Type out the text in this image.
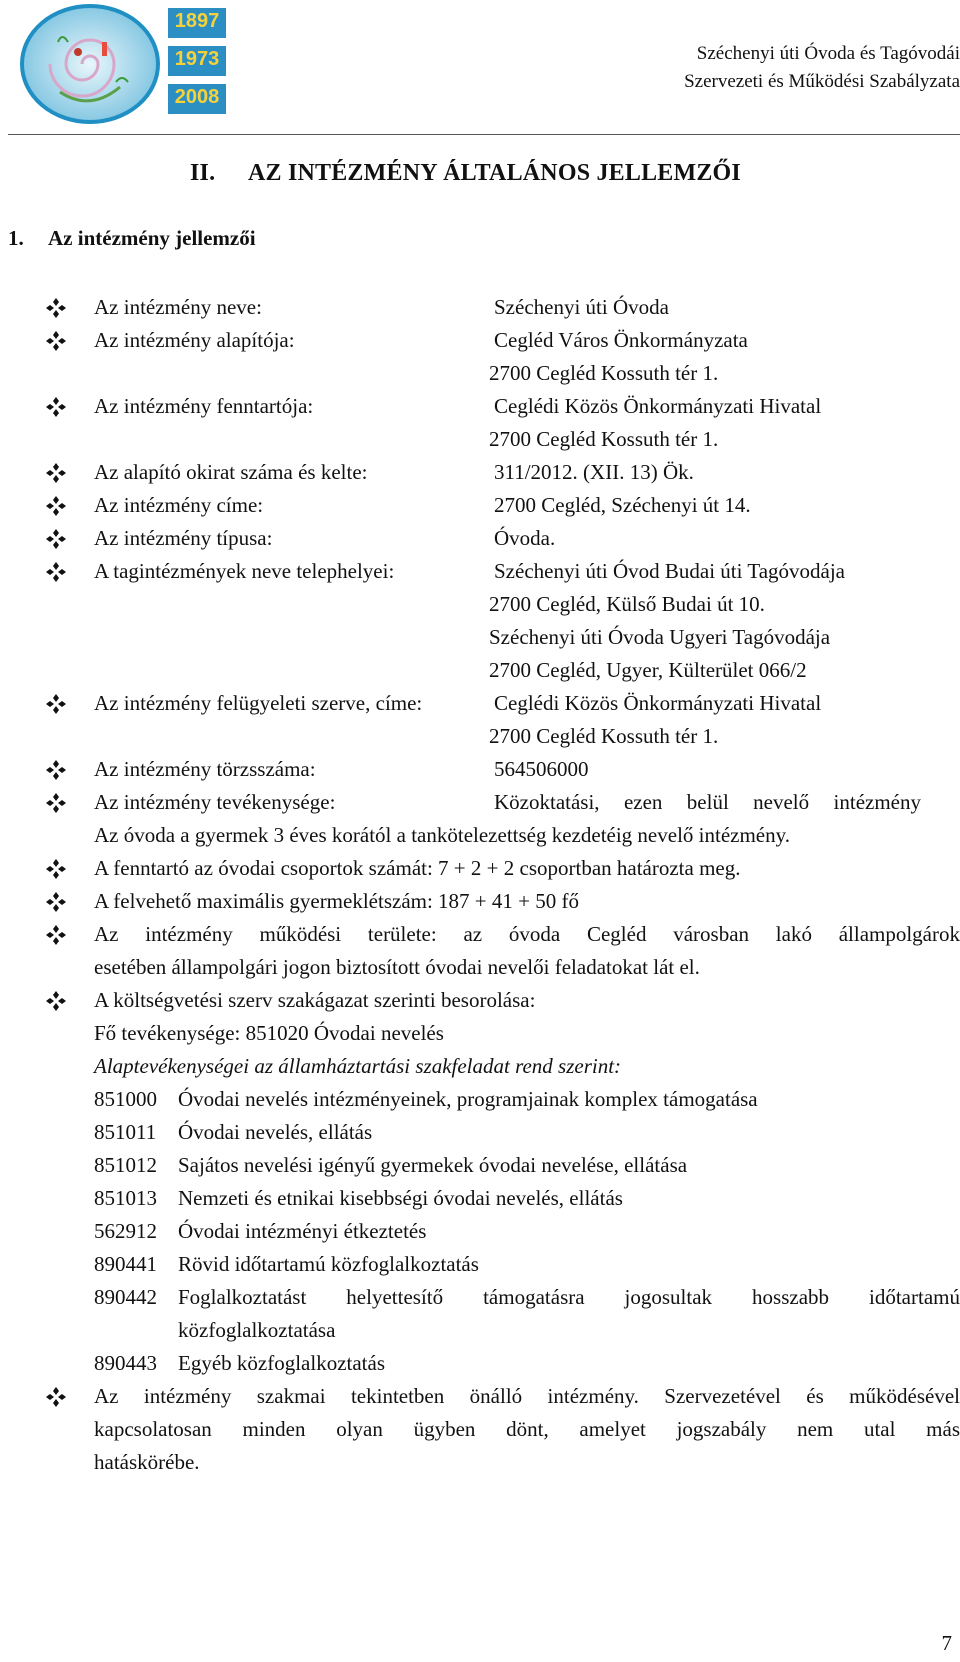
1897
1973
2008
Széchenyi úti Óvoda és Tagóvodái
Szervezeti és Működési Szabályzata
II. AZ INTÉZMÉNY ÁLTALÁNOS JELLEMZŐI
1. Az intézmény jellemzői
Az intézmény neve:	Széchenyi úti Óvoda
Az intézmény alapítója:	Cegléd Város Önkormányzata
2700 Cegléd Kossuth tér 1.
Az intézmény fenntartója:	Ceglédi Közös Önkormányzati Hivatal
2700 Cegléd Kossuth tér 1.
Az alapító okirat száma és kelte:	311/2012. (XII. 13) Ök.
Az intézmény címe:	2700 Cegléd, Széchenyi út 14.
Az intézmény típusa:	Óvoda.
A tagintézmények neve telephelyei:	Széchenyi úti Óvod Budai úti Tagóvodája
2700 Cegléd, Külső Budai út 10.
Széchenyi úti Óvoda Ugyeri Tagóvodája
2700 Cegléd, Ugyer, Külterület 066/2
Az intézmény felügyeleti szerve, címe:	Ceglédi Közös Önkormányzati Hivatal
2700 Cegléd Kossuth tér 1.
Az intézmény törzsszáma:	564506000
Az intézmény tevékenysége:	Közoktatási, ezen belül nevelő intézmény
Az óvoda a gyermek 3 éves korától a tankötelezettség kezdetéig nevelő intézmény.
A fenntartó az óvodai csoportok számát: 7 + 2 + 2 csoportban határozta meg.
A felvehető maximális gyermeklétszám: 187 + 41 + 50 fő
Az intézmény működési területe: az óvoda Cegléd városban lakó állampolgárok
esetében állampolgári jogon biztosított óvodai nevelői feladatokat lát el.
A költségvetési szerv szakágazat szerinti besorolása:
Fő tevékenysége: 851020 Óvodai nevelés
Alaptevékenységei az államháztartási szakfeladat rend szerint:
851000 Óvodai nevelés intézményeinek, programjainak komplex támogatása
851011 Óvodai nevelés, ellátás
851012 Sajátos nevelési igényű gyermekek óvodai nevelése, ellátása
851013 Nemzeti és etnikai kisebbségi óvodai nevelés, ellátás
562912 Óvodai intézményi étkeztetés
890441 Rövid időtartamú közfoglalkoztatás
890442	Foglalkoztatást helyettesítő támogatásra jogosultak hosszabb időtartamú
közfoglalkoztatása
890443 Egyéb közfoglalkoztatás
Az intézmény szakmai tekintetben önálló intézmény. Szervezetével és működésével
kapcsolatosan minden olyan ügyben dönt, amelyet jogszabály nem utal más
hatáskörébe.
7
